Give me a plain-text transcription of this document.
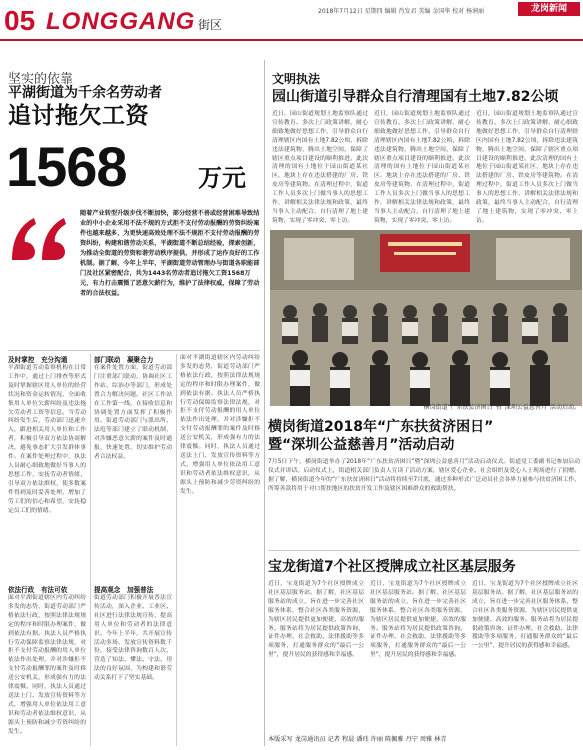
05 LONGGANG 街区
2018年7月12日 星期四 编辑 肖发君 美编 金国华 校对 杨润丽	龙岗新闻
坚实的依靠
平湖街道为千余名劳动者
追讨拖欠工资
1568	万元
随着产业转型升级步伐不断加快，部分经营不善或经营困难导致结业的中小企业采用不法不规的方式拒不支付劳动报酬的劳资纠纷案件也越来越多，为更快速高效处理不法不规拒不支付劳动报酬的劳资纠纷，构建和谐劳动关系，平湖街道不断总结经验，探索创新，为推动全街道的劳资和谐劳动秩序提供，并形成了运作良好的工作机制。据了解，今年上半年，平湖街道劳动管理办与街道各职能部门及社区紧密配合，共为1443名劳动者追讨拖欠工资1568万元，有力打击震慑了恶意欠薪行为，维护了法律权威，保障了劳动者的合法权益。
及时掌控　充分沟通
平湖街道劳动监察机构在日常工作中，通过上门排查等形式及时掌握辖区用人单位的经营状况和资金运转情况，全面收集用人单位欠薪纠纷及违法拖欠劳动者工资等信息。当劳动纠纷发生后，劳动部门迅速介入，跟进相关用人单位和工作者，积极引导双方依法协商解决，避免事态扩大引发群体事件。在案件处理过程中，执法人员耐心细致地做好当事人的思想工作，安抚劳动者情绪，引导双方依法维权，使多数案件得到及时妥善处理，增加了劳工们的信心和希望，安抚稳定员工们的情绪。
依法行政　有法可依
面对平湖街道辖区内劳动纠纷多发的态势，街道劳动部门严格依法行政，按照法律法规规定的程序和时限办理案件，做到依法有据。执法人员严格执行劳动保障监察法律法规，对拒不支付劳动报酬的用人单位依法作出处理，并对涉嫌拒不支付劳动报酬罪的案件及时移送公安机关，形成强有力的法律震慑。同时，执法人员通过送法上门、发放宣传资料等方式，增强用人单位依法用工意识和劳动者依法维权意识，从源头上预防和减少劳资纠纷的发生。
部门联动　凝聚合力
在案件处置方面，街道劳动部门注重部门联动，协调社区工作站、综治办等部门，形成处置合力解决问题。社区工作站在工作第一线，在接收信息和协调处置方面发挥了积极作用。街道劳动部门与派出所、法庭等部门建立了联动机制，对涉嫌恶意欠薪的案件及时通报，快速处置，切实维护劳动者合法权益。
提高观念　加强普法
街道劳动部门积极开展普法宣传活动，深入企业、工业区、社区进行法律法规宣传，提高用人单位和劳动者的法律意识。今年上半年，共开展宣传活动多场，发放宣传资料数千份，接受法律咨询数百人次，营造了知法、懂法、守法、用法的良好氛围，为构建和谐劳动关系打下了坚实基础。
面对平湖街道辖区内劳动纠纷多发的态势，街道劳动部门严格依法行政，按照法律法规规定的程序和时限办理案件，做到依法有据。执法人员严格执行劳动保障监察法律法规，对拒不支付劳动报酬的用人单位依法作出处理，并对涉嫌拒不支付劳动报酬罪的案件及时移送公安机关，形成强有力的法律震慑。同时，执法人员通过送法上门、发放宣传资料等方式，增强用人单位依法用工意识和劳动者依法维权意识，从源头上预防和减少劳资纠纷的发生。
文明执法
园山街道引导群众自行清理国有土地7.82公顷
近日，园山街道规划土地监察队通过宣传教育、多次上门政策讲解，耐心细致地做好思想工作，引导群众自行清理辖区内国有土地7.82公顷，拆除违法建筑物，腾出土地空间，保障了辖区重点项目建设的顺利推进。此次清理的国有土地位于园山街道某社区，地块上存在违法搭建的厂房、铁皮房等建筑物。在清理过程中，街道工作人员多次上门做当事人的思想工作，讲解相关法律法规和政策，最终当事人主动配合，自行清理了地上建筑物，实现了零冲突、零上访。
近日，园山街道规划土地监察队通过宣传教育、多次上门政策讲解，耐心细致地做好思想工作，引导群众自行清理辖区内国有土地7.82公顷，拆除违法建筑物，腾出土地空间，保障了辖区重点项目建设的顺利推进。此次清理的国有土地位于园山街道某社区，地块上存在违法搭建的厂房、铁皮房等建筑物。在清理过程中，街道工作人员多次上门做当事人的思想工作，讲解相关法律法规和政策，最终当事人主动配合，自行清理了地上建筑物，实现了零冲突、零上访。
近日，园山街道规划土地监察队通过宣传教育、多次上门政策讲解，耐心细致地做好思想工作，引导群众自行清理辖区内国有土地7.82公顷，拆除违法建筑物，腾出土地空间，保障了辖区重点项目建设的顺利推进。此次清理的国有土地位于园山街道某社区，地块上存在违法搭建的厂房、铁皮房等建筑物。在清理过程中，街道工作人员多次上门做当事人的思想工作，讲解相关法律法规和政策，最终当事人主动配合，自行清理了地上建筑物，实现了零冲突、零上访。
横岗街道“广东扶贫济困日”暨“深圳公益慈善月”活动启动。
横岗街道2018年“广东扶贫济困日”
暨“深圳公益慈善月”活动启动
7月5日下午，横岗街道举办了2018年“广东扶贫济困日”暨“深圳公益慈善月”活动启动仪式。街道党工委副书记参加启动仪式并讲话。启动仪式上，街道相关部门负责人宣读了活动方案，辖区爱心企业、社会组织及爱心人士现场进行了捐赠。据了解，横岗街道今年的“广东扶贫济困日”活动将持续至7月底，通过多种形式广泛动员社会各界力量参与扶贫济困工作，所筹善款将用于对口帮扶地区的扶贫开发工作及辖区困难群众的救助帮扶。
宝龙街道7个社区授牌成立社区基层服务
近日，宝龙街道为7个社区授牌成立社区基层服务站。据了解，社区基层服务站的成立，旨在进一步完善社区服务体系，整合社区各类服务资源，为辖区居民提供更加便捷、高效的服务。服务站将为居民提供政策咨询、证件办理、社会救助、法律援助等多项服务，打通服务群众的“最后一公里”，提升居民的获得感和幸福感。
近日，宝龙街道为7个社区授牌成立社区基层服务站。据了解，社区基层服务站的成立，旨在进一步完善社区服务体系，整合社区各类服务资源，为辖区居民提供更加便捷、高效的服务。服务站将为居民提供政策咨询、证件办理、社会救助、法律援助等多项服务，打通服务群众的“最后一公里”，提升居民的获得感和幸福感。
近日，宝龙街道为7个社区授牌成立社区基层服务站。据了解，社区基层服务站的成立，旨在进一步完善社区服务体系，整合社区各类服务资源，为辖区居民提供更加便捷、高效的服务。服务站将为居民提供政策咨询、证件办理、社会救助、法律援助等多项服务，打通服务群众的“最后一公里”，提升居民的获得感和幸福感。
本版采写 龙岗通讯员 记者 程晨 潘玮 许丽 陈佩雅 丹宁 周雅 林青
